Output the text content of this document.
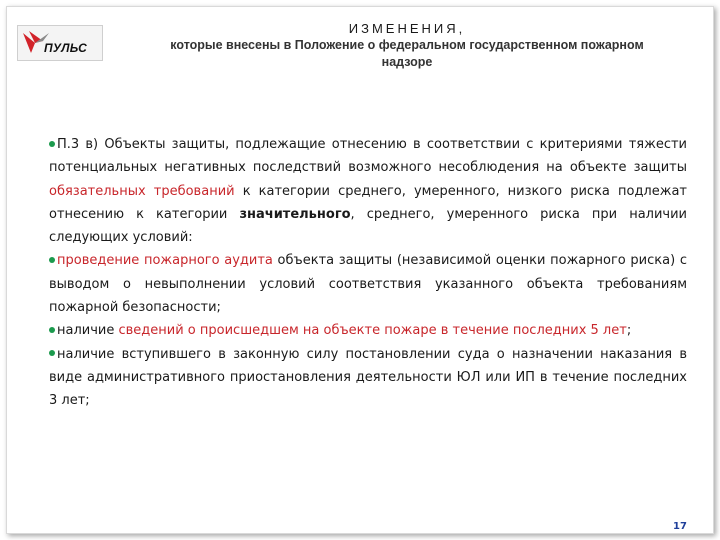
ПУЛЬС
ИЗМЕНЕНИЯ,
которые внесены в Положение о федеральном государственном пожарном
надзоре

П.3 в) Объекты защиты, подлежащие отнесению в соответствии с критериями тяжести потенциальных негативных последствий возможного несоблюдения на объекте защиты обязательных требований к категории среднего, умеренного, низкого риска подлежат отнесению к категории значительного, среднего, умеренного риска при наличии следующих условий:

проведение пожарного аудита объекта защиты (независимой оценки пожарного риска) с выводом о невыполнении условий соответствия указанного объекта требованиям пожарной безопасности;

наличие сведений о происшедшем на объекте пожаре в течение последних 5 лет;

наличие вступившего в законную силу постановлении суда о назначении наказания в виде административного приостановления деятельности ЮЛ или ИП в течение последних 3 лет;

17
